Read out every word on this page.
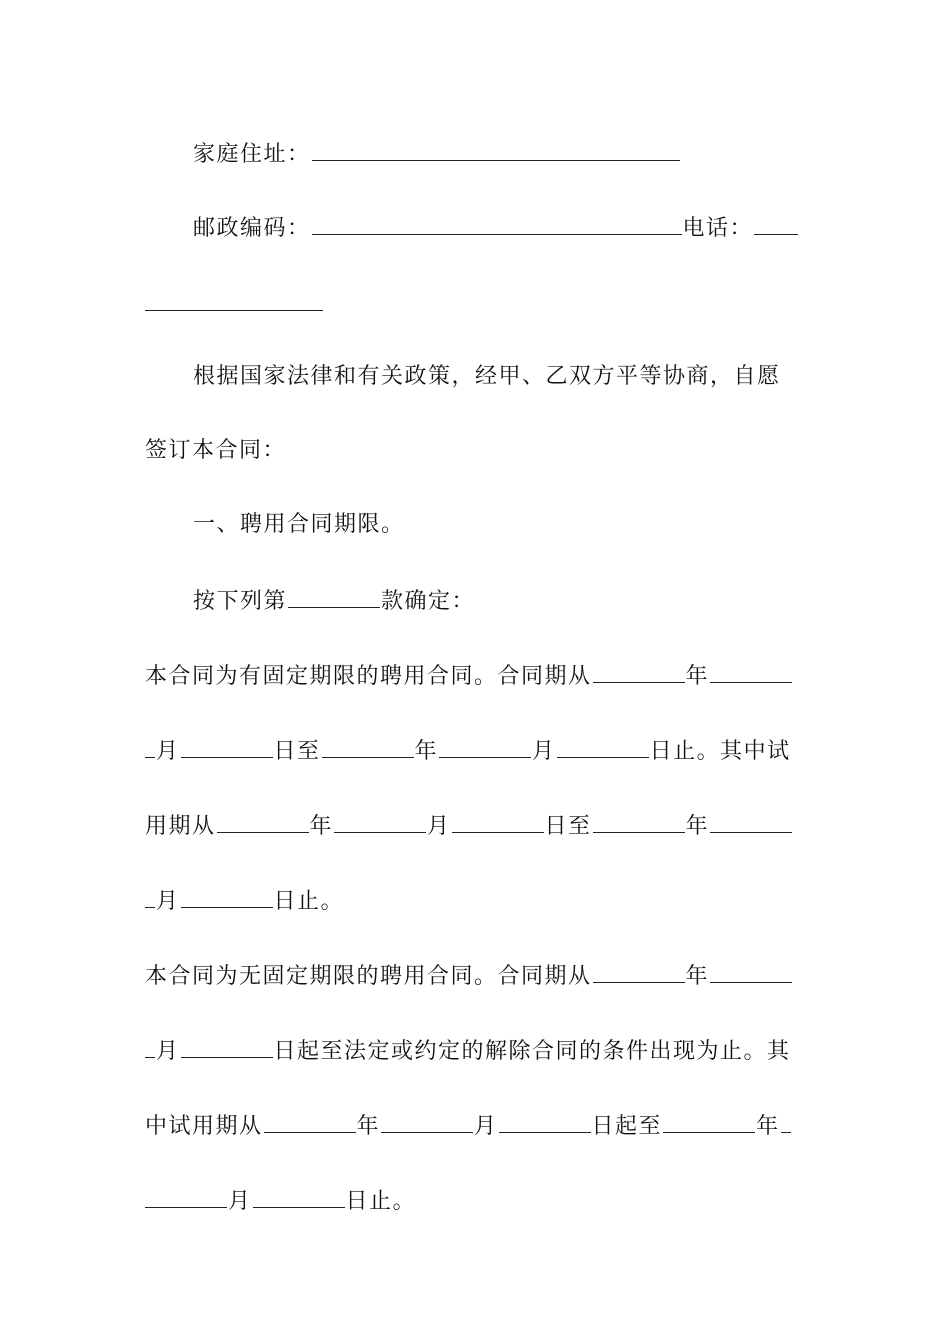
家庭住址：
邮政编码：	电话：
根据国家法律和有关政策，经甲、乙双方平等协商，自愿
签订本合同：
一、聘用合同期限。
按下列第	款确定：
本合同为有固定期限的聘用合同。合同期从	年
月	日至	年	月	日止。其中试
用期从	年	月	日至	年
月	日止。
本合同为无固定期限的聘用合同。合同期从	年
月	日起至法定或约定的解除合同的条件出现为止。其
中试用期从	年	月	日起至	年
月	日止。
